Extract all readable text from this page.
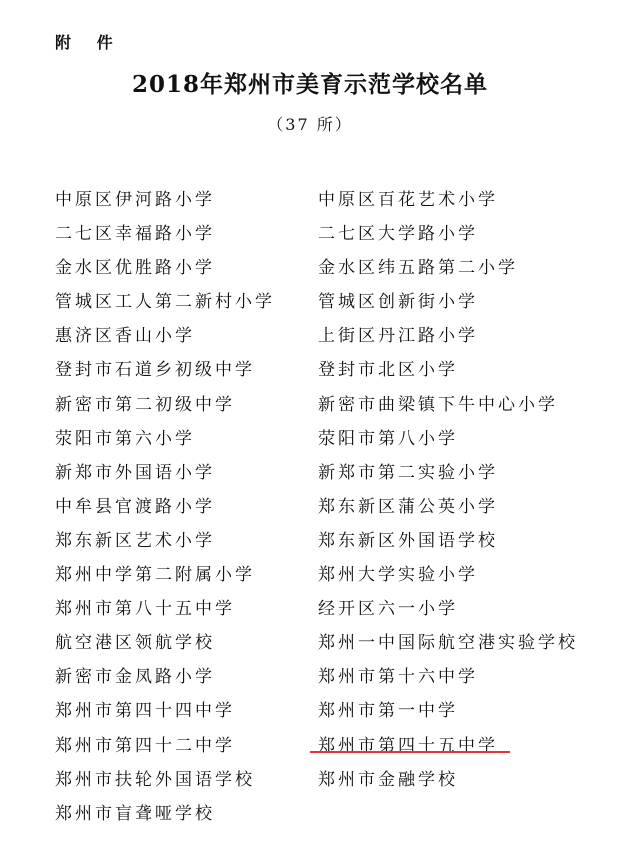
附 件
2018年郑州市美育示范学校名单
（37 所）
中原区伊河路小学
二七区幸福路小学
金水区优胜路小学
管城区工人第二新村小学
惠济区香山小学
登封市石道乡初级中学
新密市第二初级中学
荥阳市第六小学
新郑市外国语小学
中牟县官渡路小学
郑东新区艺术小学
郑州中学第二附属小学
郑州市第八十五中学
航空港区领航学校
新密市金凤路小学
郑州市第四十四中学
郑州市第四十二中学
郑州市扶轮外国语学校
郑州市盲聋哑学校
中原区百花艺术小学
二七区大学路小学
金水区纬五路第二小学
管城区创新街小学
上街区丹江路小学
登封市北区小学
新密市曲梁镇下牛中心小学
荥阳市第八小学
新郑市第二实验小学
郑东新区蒲公英小学
郑东新区外国语学校
郑州大学实验小学
经开区六一小学
郑州一中国际航空港实验学校
郑州市第十六中学
郑州市第一中学
郑州市第四十五中学
郑州市金融学校
